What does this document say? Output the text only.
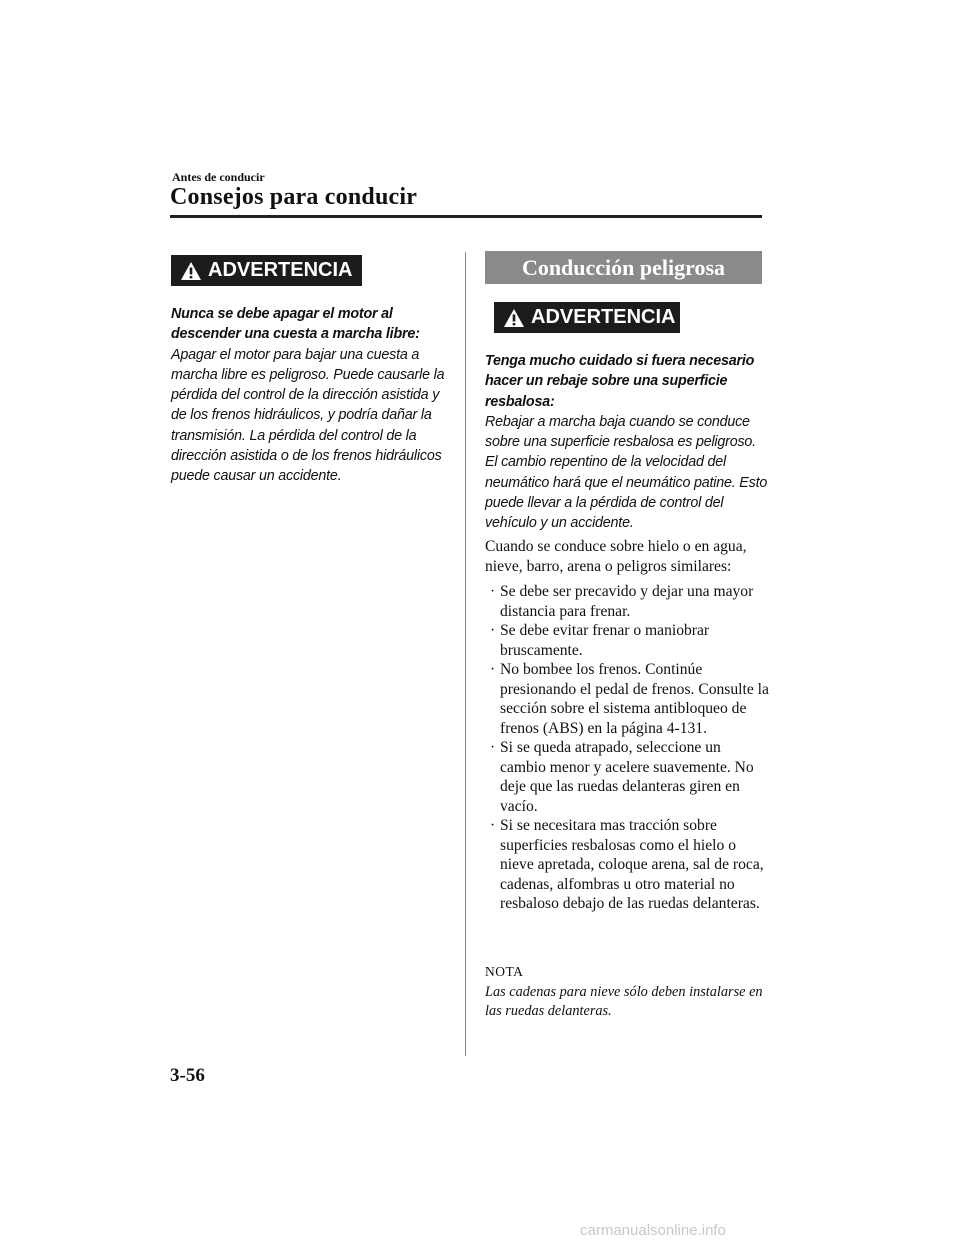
Antes de conducir
Consejos para conducir
ADVERTENCIA
Nunca se debe apagar el motor al descender una cuesta a marcha libre:
Apagar el motor para bajar una cuesta a marcha libre es peligroso. Puede causarle la pérdida del control de la dirección asistida y de los frenos hidráulicos, y podría dañar la transmisión. La pérdida del control de la dirección asistida o de los frenos hidráulicos puede causar un accidente.
Conducción peligrosa
ADVERTENCIA
Tenga mucho cuidado si fuera necesario hacer un rebaje sobre una superficie resbalosa:
Rebajar a marcha baja cuando se conduce sobre una superficie resbalosa es peligroso. El cambio repentino de la velocidad del neumático hará que el neumático patine. Esto puede llevar a la pérdida de control del vehículo y un accidente.
Cuando se conduce sobre hielo o en agua, nieve, barro, arena o peligros similares:
· Se debe ser precavido y dejar una mayor distancia para frenar.
· Se debe evitar frenar o maniobrar bruscamente.
· No bombee los frenos. Continúe presionando el pedal de frenos. Consulte la sección sobre el sistema antibloqueo de frenos (ABS) en la página 4-131.
· Si se queda atrapado, seleccione un cambio menor y acelere suavemente. No deje que las ruedas delanteras giren en vacío.
· Si se necesitara mas tracción sobre superficies resbalosas como el hielo o nieve apretada, coloque arena, sal de roca, cadenas, alfombras u otro material no resbaloso debajo de las ruedas delanteras.
NOTA
Las cadenas para nieve sólo deben instalarse en las ruedas delanteras.
3-56
carmanualsonline.info
